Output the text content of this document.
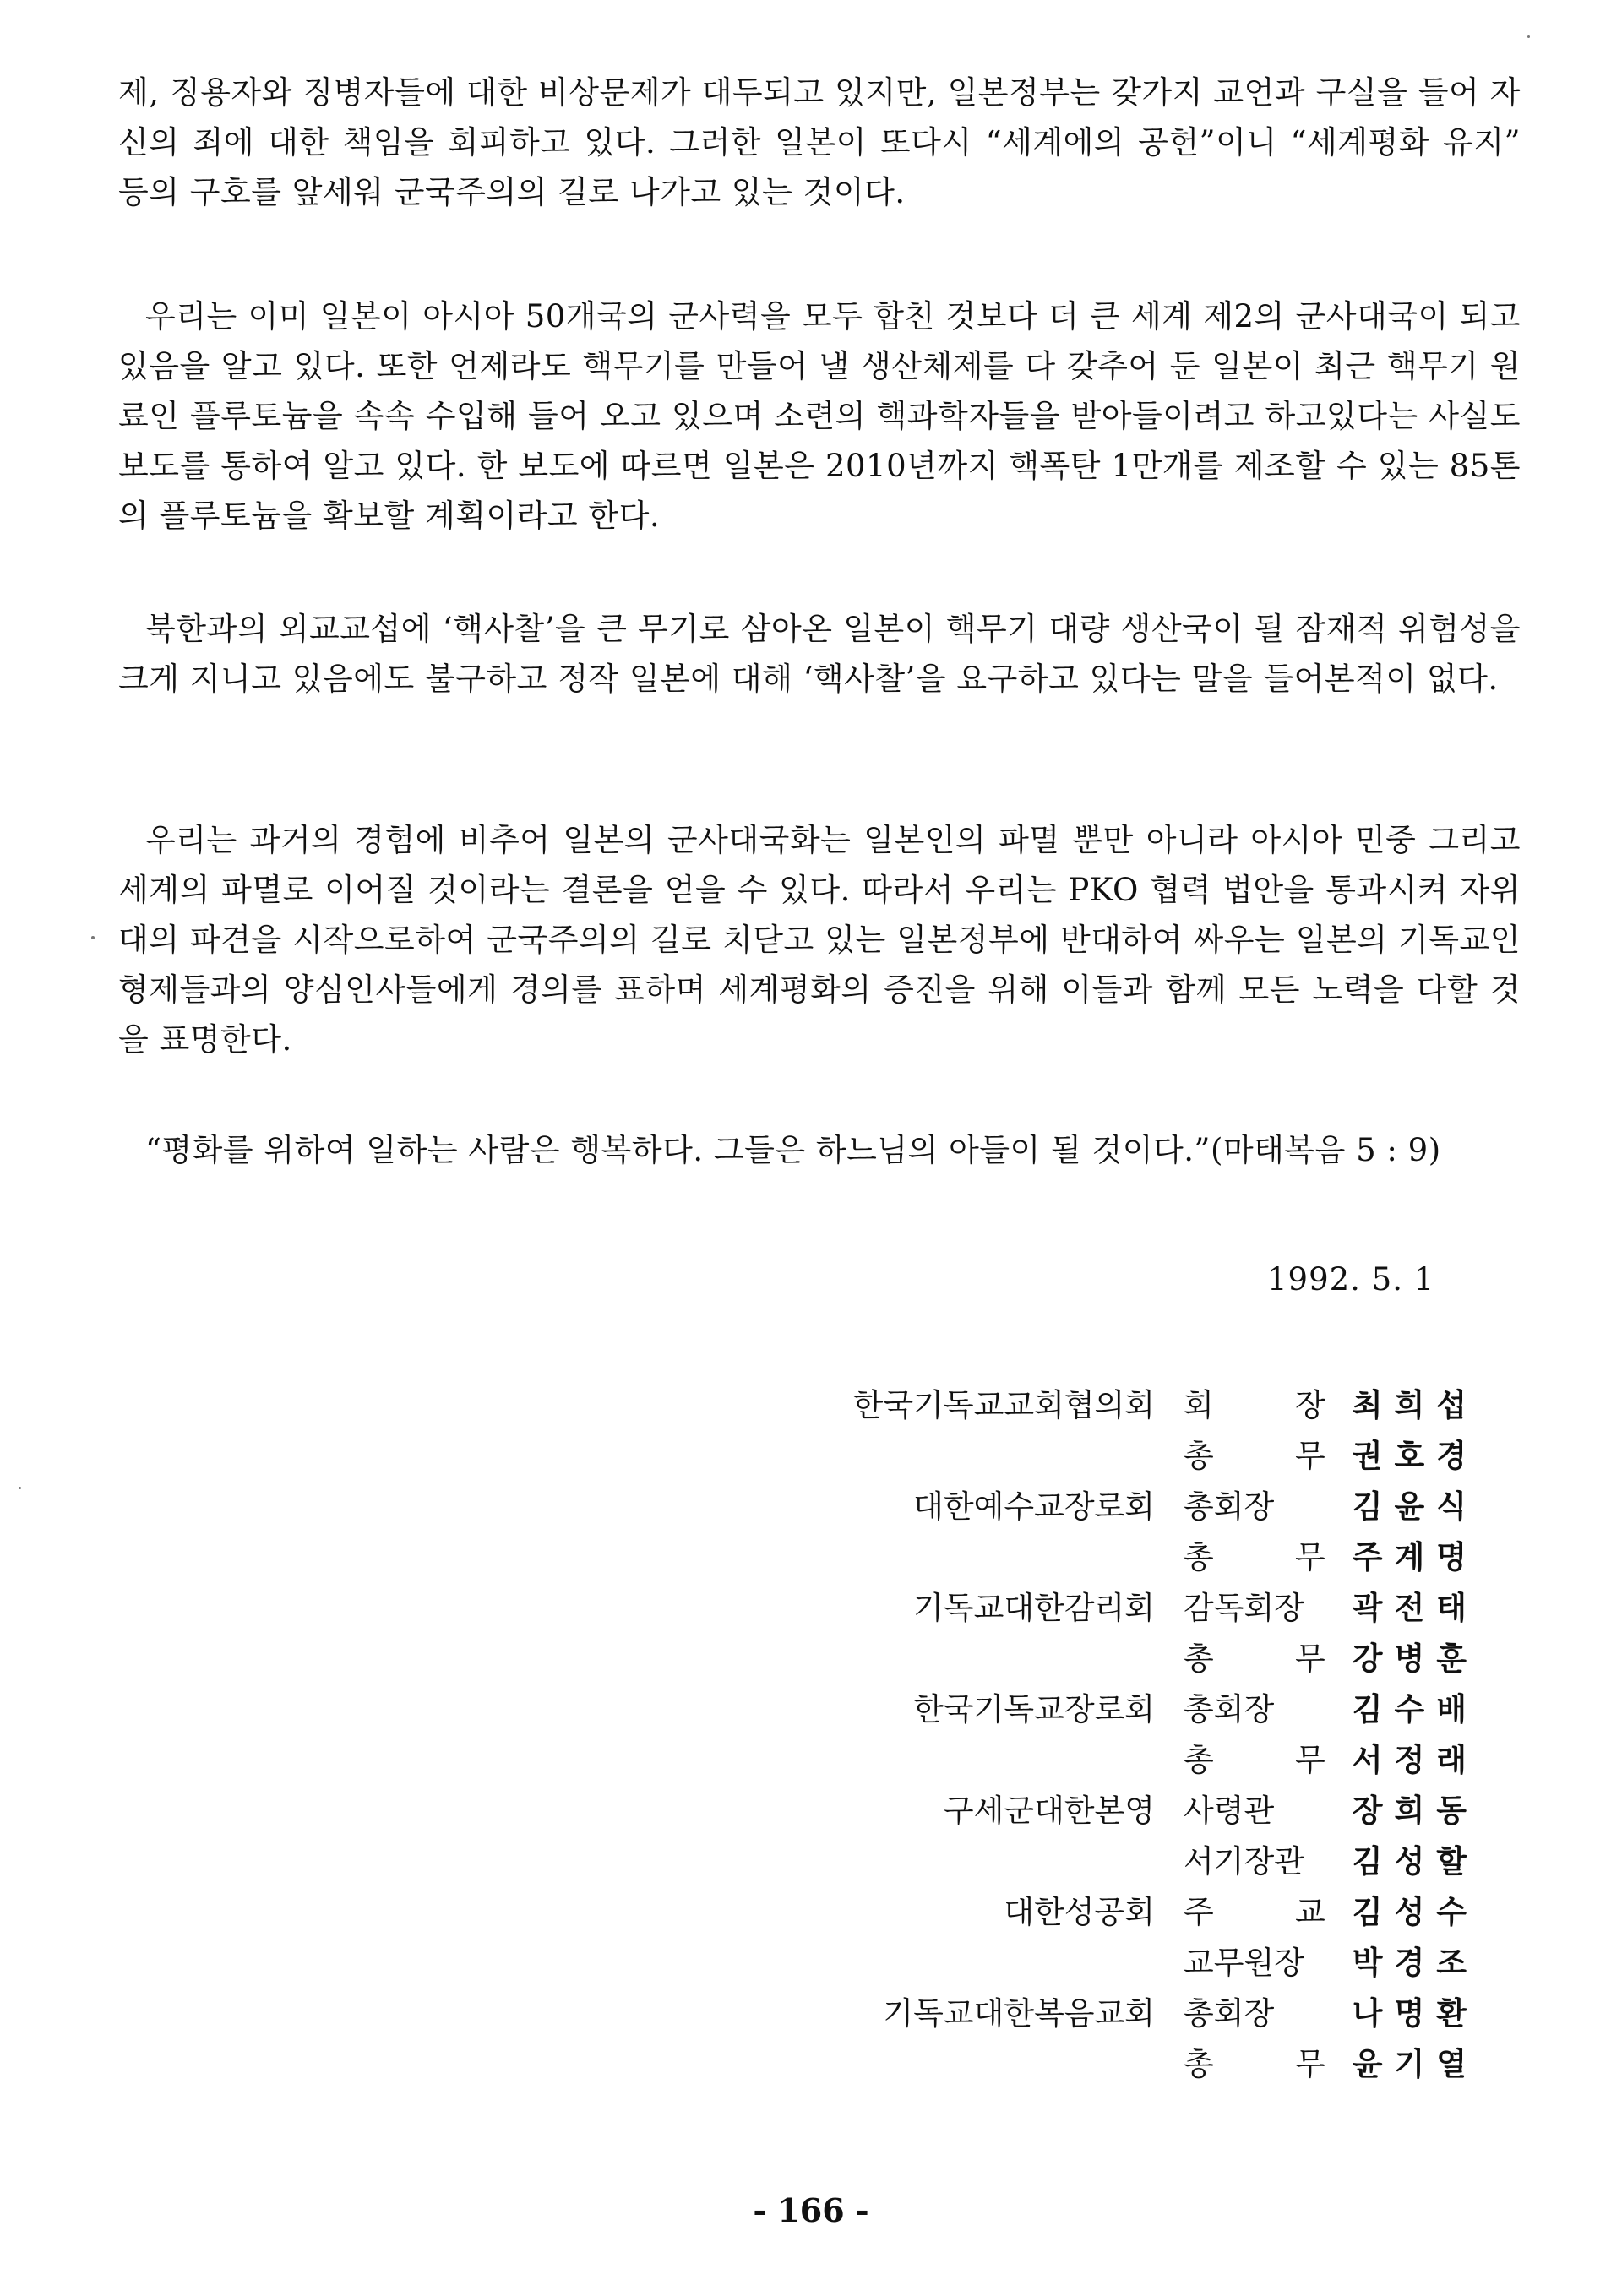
제, 징용자와 징병자들에 대한 비상문제가 대두되고 있지만, 일본정부는 갖가지 교언과 구실을 들어 자신의 죄에 대한 책임을 회피하고 있다. 그러한 일본이 또다시 “세계에의 공헌”이니 “세계평화 유지” 등의 구호를 앞세워 군국주의의 길로 나가고 있는 것이다.

우리는 이미 일본이 아시아 50개국의 군사력을 모두 합친 것보다 더 큰 세계 제2의 군사대국이 되고 있음을 알고 있다. 또한 언제라도 핵무기를 만들어 낼 생산체제를 다 갖추어 둔 일본이 최근 핵무기 원료인 플루토늄을 속속 수입해 들어 오고 있으며 소련의 핵과학자들을 받아들이려고 하고있다는 사실도 보도를 통하여 알고 있다. 한 보도에 따르면 일본은 2010년까지 핵폭탄 1만개를 제조할 수 있는 85톤의 플루토늄을 확보할 계획이라고 한다.

북한과의 외교교섭에 ‘핵사찰’을 큰 무기로 삼아온 일본이 핵무기 대량 생산국이 될 잠재적 위험성을 크게 지니고 있음에도 불구하고 정작 일본에 대해 ‘핵사찰’을 요구하고 있다는 말을 들어본적이 없다.

우리는 과거의 경험에 비추어 일본의 군사대국화는 일본인의 파멸 뿐만 아니라 아시아 민중 그리고 세계의 파멸로 이어질 것이라는 결론을 얻을 수 있다. 따라서 우리는 PKO 협력 법안을 통과시켜 자위대의 파견을 시작으로하여 군국주의의 길로 치닫고 있는 일본정부에 반대하여 싸우는 일본의 기독교인 형제들과의 양심인사들에게 경의를 표하며 세계평화의 증진을 위해 이들과 함께 모든 노력을 다할 것을 표명한다.

“평화를 위하여 일하는 사람은 행복하다. 그들은 하느님의 아들이 될 것이다.”(마태복음 5 : 9)

1992. 5. 1
한국기독교교회협의회	회 장	최희섭
	총 무	권호경
대한예수교장로회	총회장	김윤식
	총 무	주계명
기독교대한감리회	감독회장	곽전태
	총 무	강병훈
한국기독교장로회	총회장	김수배
	총 무	서정래
구세군대한본영	사령관	장희동
	서기장관	김성할
대한성공회	주 교	김성수
	교무원장	박경조
기독교대한복음교회	총회장	나명환
	총 무	윤기열
- 166 -
